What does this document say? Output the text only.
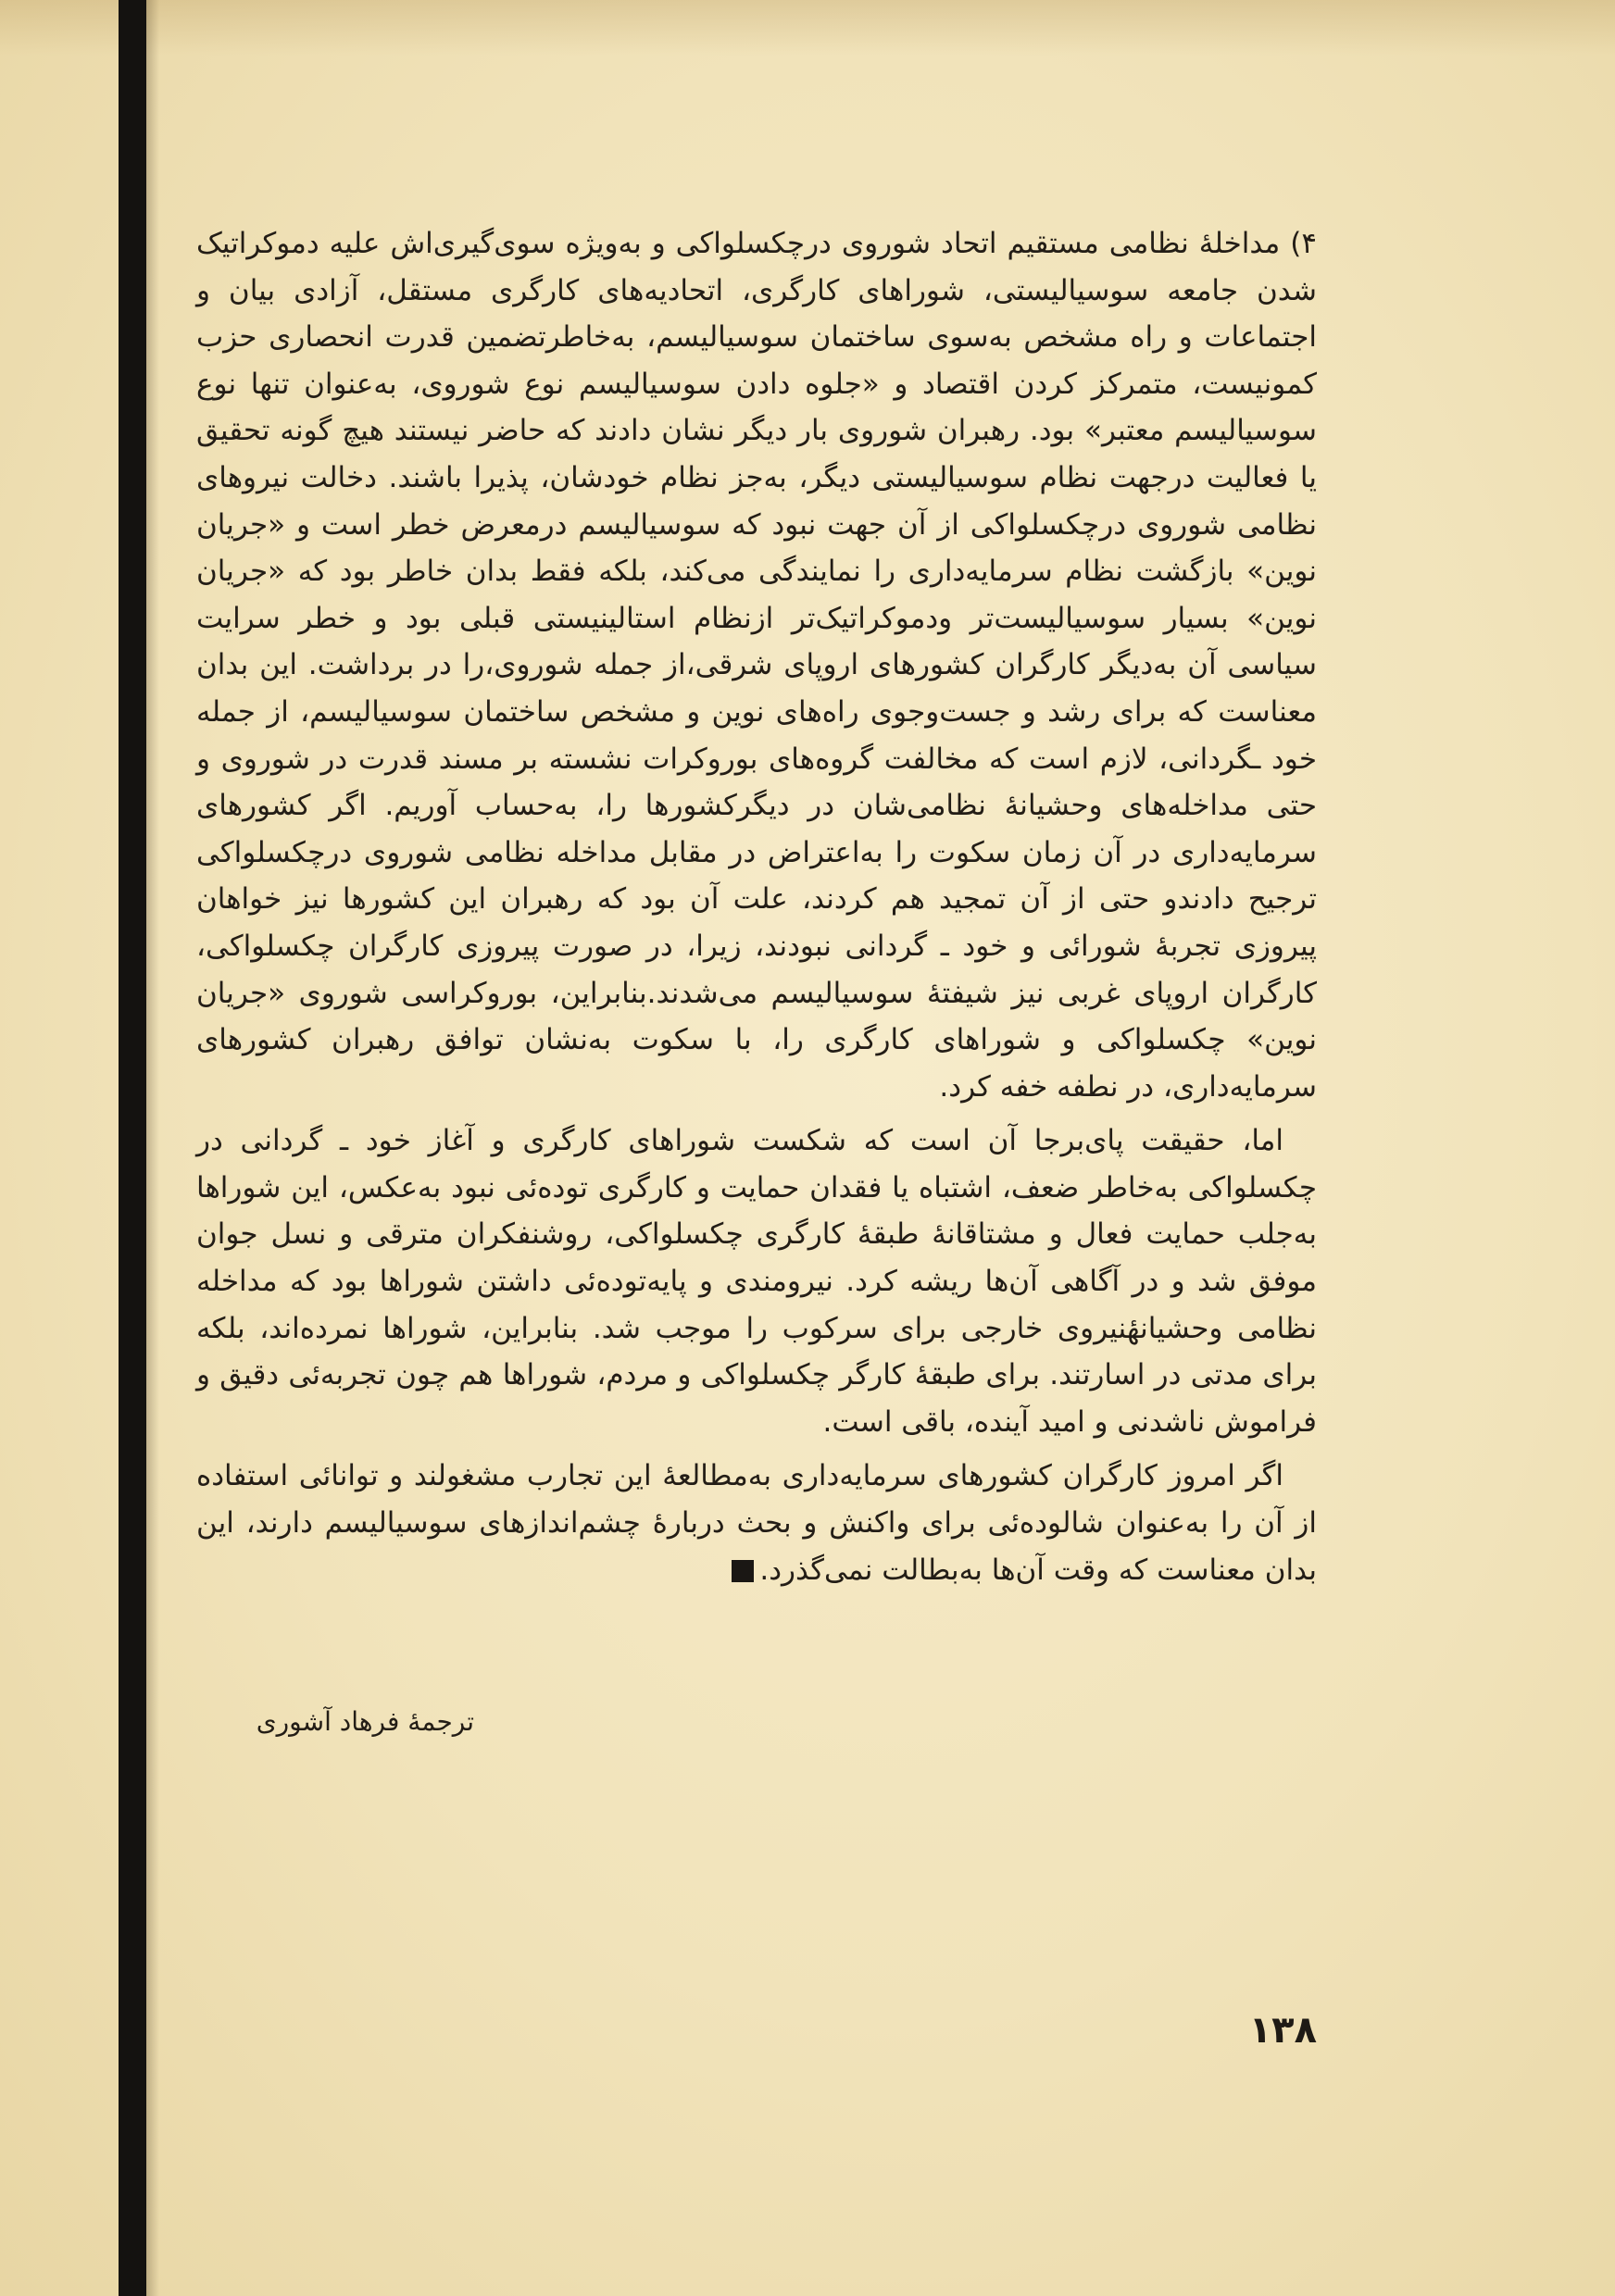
۴) مداخلهٔ نظامی مستقیم اتحاد شوروی درچکسلواکی و به‌ویژه سوی‌گیری‌اش علیه دموکراتیک شدن جامعه سوسیالیستی، شوراهای کارگری، اتحادیه‌های کارگری مستقل، آزادی بیان و اجتماعات و راه مشخص به‌سوی ساختمان سوسیالیسم، به‌خاطرتضمین قدرت انحصاری حزب کمونیست، متمرکز کردن اقتصاد و «جلوه دادن سوسیالیسم نوع شوروی، به‌عنوان تنها نوع سوسیالیسم معتبر» بود. رهبران شوروی بار دیگر نشان دادند که حاضر نیستند هیچ گونه تحقیق یا فعالیت درجهت نظام سوسیالیستی دیگر، به‌جز نظام خودشان، پذیرا باشند. دخالت نیروهای نظامی شوروی درچکسلواکی از آن جهت نبود که سوسیالیسم درمعرض خطر است و «جریان نوین» بازگشت نظام سرمایه‌داری را نمایندگی می‌کند، بلکه فقط بدان خاطر بود که «جریان نوین» بسیار سوسیالیست‌تر ودموکراتیک‌تر ازنظام استالینیستی قبلی بود و خطر سرایت سیاسی آن به‌دیگر کارگران کشورهای اروپای شرقی،از جمله شوروی،را در برداشت. این بدان معناست که برای رشد و جست‌وجوی راه‌های نوین و مشخص ساختمان سوسیالیسم، از جمله خود ـگردانی، لازم است که مخالفت گروه‌های بوروکرات نشسته بر مسند قدرت در شوروی و حتی مداخله‌های وحشیانهٔ نظامی‌شان در دیگرکشورها را، به‌حساب آوریم. اگر کشورهای سرمایه‌داری در آن زمان سکوت را به‌اعتراض در مقابل مداخله نظامی شوروی درچکسلواکی ترجیح دادندو حتی از آن تمجید هم کردند، علت آن بود که رهبران این کشورها نیز خواهان پیروزی تجربهٔ شورائی و خود ـ گردانی نبودند، زیرا، در صورت پیروزی کارگران چکسلواکی، کارگران اروپای غربی نیز شیفتهٔ سوسیالیسم می‌شدند.بنابراین، بوروکراسی شوروی «جریان نوین» چکسلواکی و شوراهای کارگری را، با سکوت به‌نشان توافق رهبران کشورهای سرمایه‌داری، در نطفه خفه کرد.

اما، حقیقت پای‌برجا آن است که شکست شوراهای کارگری و آغاز خود ـ گردانی در چکسلواکی به‌خاطر ضعف، اشتباه یا فقدان حمایت و کارگری توده‌ئی نبود به‌عکس، این شوراها به‌جلب حمایت فعال و مشتاقانهٔ طبقهٔ کارگری چکسلواکی، روشنفکران مترقی و نسل جوان موفق شد و در آگاهی آن‌ها ریشه کرد. نیرومندی و پایه‌توده‌ئی داشتن شوراها بود که مداخله نظامی وحشیانهٔنیروی خارجی برای سرکوب را موجب شد. بنابراین، شوراها نمرده‌اند، بلکه برای مدتی در اسارتند. برای طبقهٔ کارگر چکسلواکی و مردم، شوراها هم چون تجربه‌ئی دقیق و فراموش ناشدنی و امید آینده، باقی است.

اگر امروز کارگران کشورهای سرمایه‌داری به‌مطالعهٔ این تجارب مشغولند و توانائی استفاده از آن را به‌عنوان شالوده‌ئی برای واکنش و بحث دربارهٔ چشم‌اندازهای سوسیالیسم دارند، این بدان معناست که وقت آن‌ها به‌بطالت نمی‌گذرد.

ترجمهٔ فرهاد آشوری
۱۳۸
